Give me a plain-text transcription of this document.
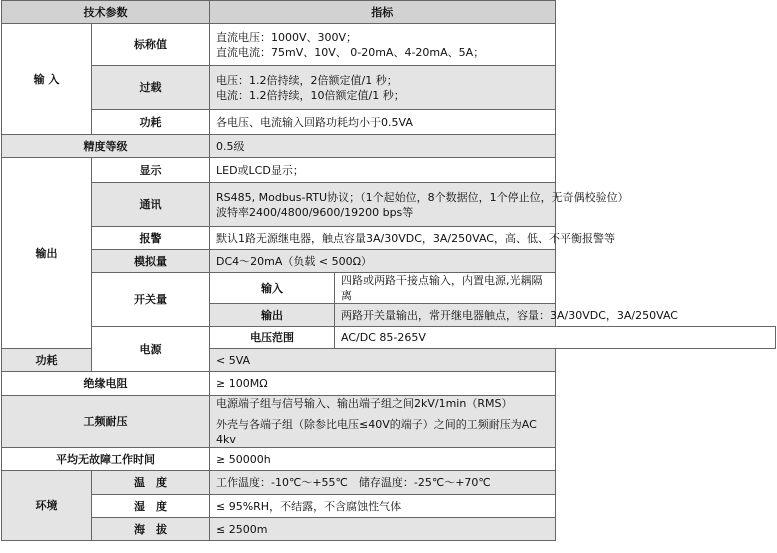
技术参数		指标	
输 入	标称值	直流电压：1000V、300V；
直流电流：75mV、10V、 0-20mA、4-20mA、5A；	

	过载	电压：1.2倍持续，2倍额定值/1 秒；
电流：1.2倍持续，10倍额定值/1 秒；	

	功耗	各电压、电流输入回路功耗均小于0.5VA	
精度等级		0.5级	
输出	显示	LED或LCD显示；	
	通讯	RS485, Modbus-RTU协议；（1个起始位，8个数据位，1个停止位，无奇偶校验位）
波特率2400/4800/9600/19200 bps等	

	报警	默认1路无源继电器，触点容量3A/30VDC，3A/250VAC，高、低、不平衡报警等	
	模拟量	DC4～20mA（负载 < 500Ω）	
	开关量	输入	四路或两路干接点输入，内置电源,光耦隔离
		输出	两路开关量输出，常开继电器触点，容量：3A/30VDC，3A/250VAC
	电源	电压范围	AC/DC 85-265V
功耗		< 5VA	
绝缘电阻		≥ 100MΩ	
工频耐压		电源端子组与信号输入、输出端子组之间2kV/1min（RMS）
外壳与各端子组（除参比电压≤40V的端子）之间的工频耐压为AC 4kv	

平均无故障工作时间		≥ 50000h	
环境	温　度	工作温度：-10℃～+55℃　储存温度：-25℃～+70℃	
	湿　度	≤ 95%RH，不结露，不含腐蚀性气体	
	海　拔	≤ 2500m	
